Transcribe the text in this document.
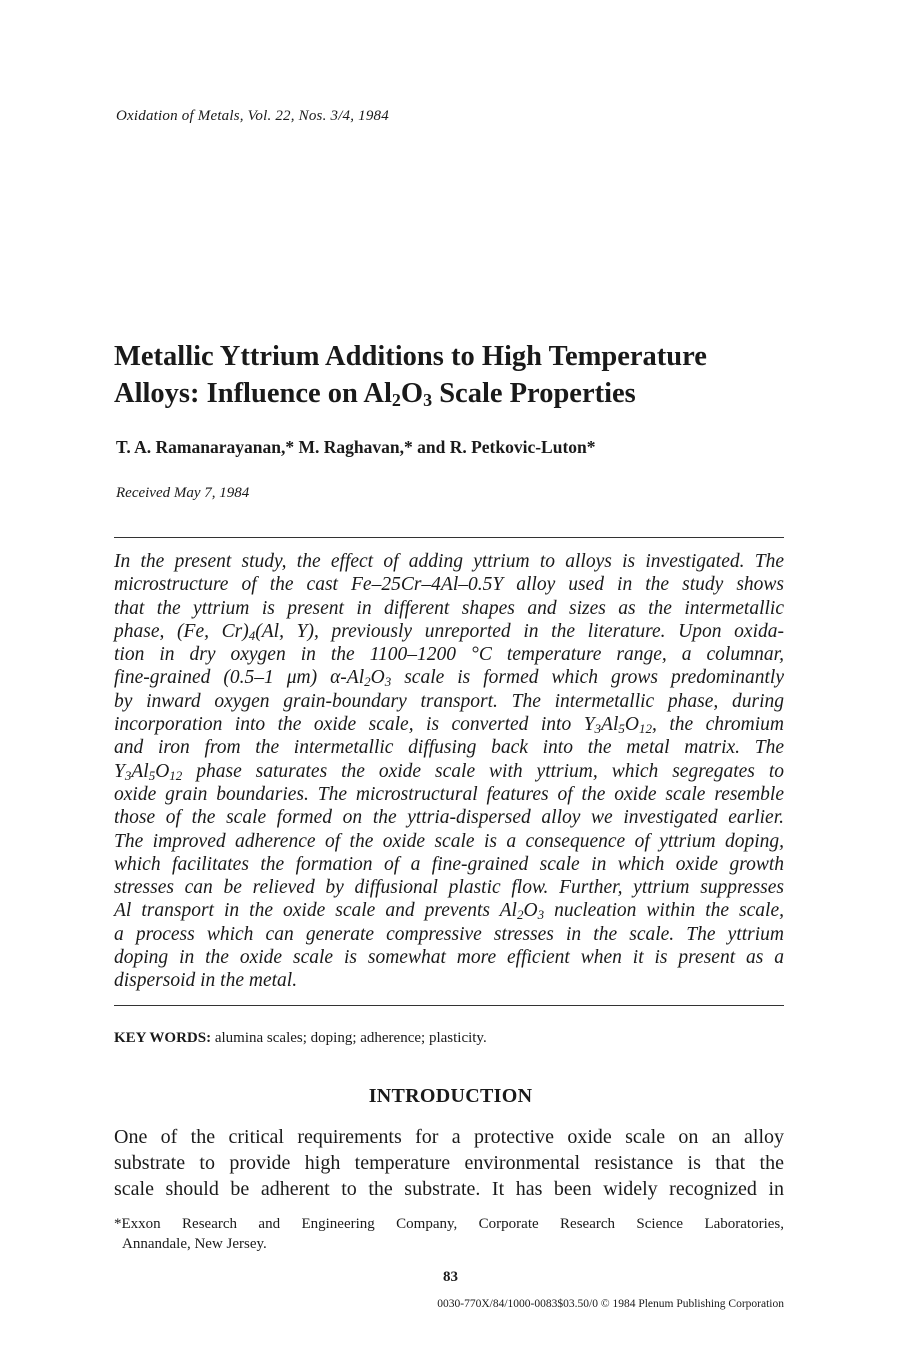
Oxidation of Metals, Vol. 22, Nos. 3/4, 1984
Metallic Yttrium Additions to High Temperature
Alloys: Influence on $Al_2O_3$ Scale Properties
T. A. Ramanarayanan,* M. Raghavan,* and R. Petkovic-Luton*
Received May 7, 1984
In the present study, the effect of adding yttrium to alloys is investigated. The
microstructure of the cast Fe–25Cr–4Al–0.5Y alloy used in the study shows
that the yttrium is present in different shapes and sizes as the intermetallic
phase, (Fe, $Cr)_4(Al$, Y), previously unreported in the literature. Upon oxida-
tion in dry oxygen in the 1100–1200 °C temperature range, a columnar,
fine-grained (0.5–1 μm) $\alpha-Al_2O_3$ scale is formed which grows predominantly
by inward oxygen grain-boundary transport. The intermetallic phase, during
incorporation into the oxide scale, is converted into $Y_3Al_5O_{12}$, the chromium
and iron from the intermetallic diffusing back into the metal matrix. The
$Y_3Al_5O_{12}$ phase saturates the oxide scale with yttrium, which segregates to
oxide grain boundaries. The microstructural features of the oxide scale resemble
those of the scale formed on the yttria-dispersed alloy we investigated earlier.
The improved adherence of the oxide scale is a consequence of yttrium doping,
which facilitates the formation of a fine-grained scale in which oxide growth
stresses can be relieved by diffusional plastic flow. Further, yttrium suppresses
Al transport in the oxide scale and prevents $Al_2O_3$ nucleation within the scale,
a process which can generate compressive stresses in the scale. The yttrium
doping in the oxide scale is somewhat more efficient when it is present as a
dispersoid in the metal.
KEY WORDS: alumina scales; doping; adherence; plasticity.
INTRODUCTION
One of the critical requirements for a protective oxide scale on an alloy
substrate to provide high temperature environmental resistance is that the
scale should be adherent to the substrate. It has been widely recognized in
*Exxon Research and Engineering Company, Corporate Research Science Laboratories,
Annandale, New Jersey.
83
0030-770X/84/1000-0083$03.50/0 © 1984 Plenum Publishing Corporation
